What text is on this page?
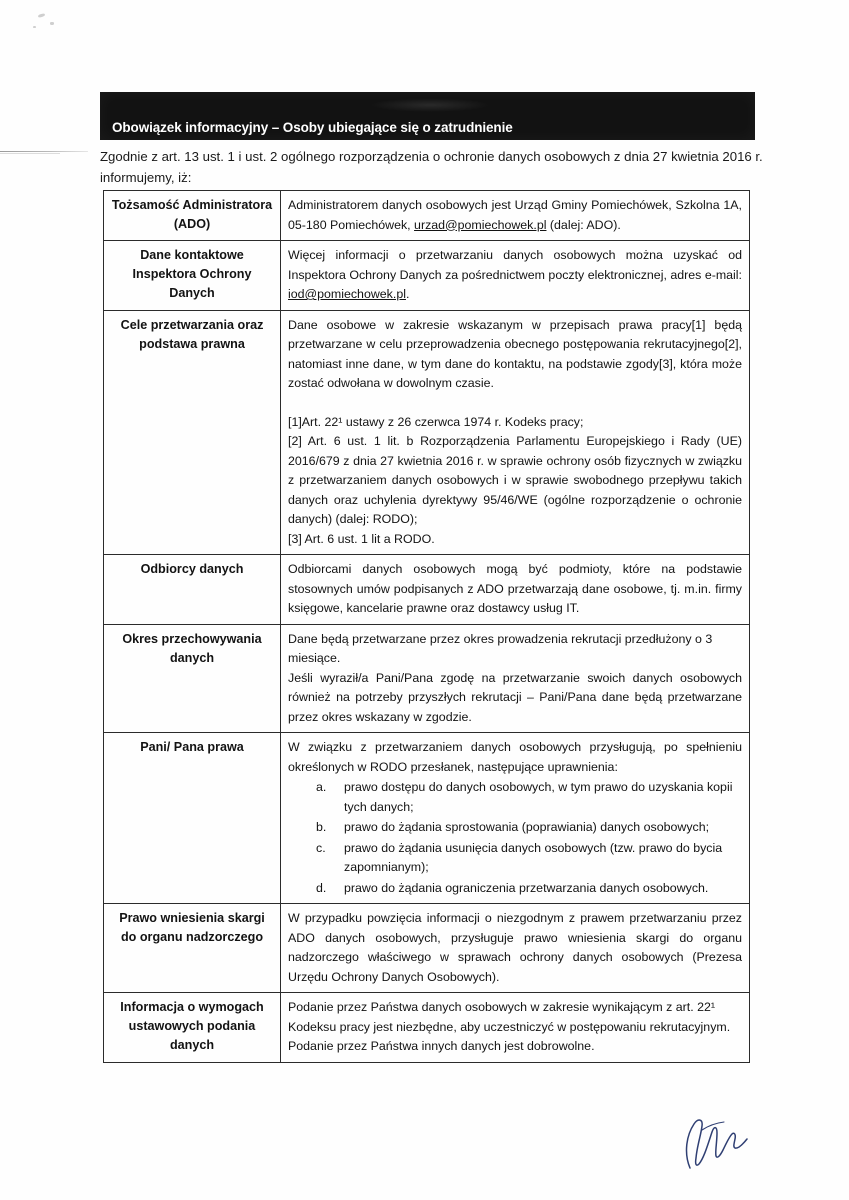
Obowiązek informacyjny – Osoby ubiegające się o zatrudnienie
Zgodnie z art. 13 ust. 1 i ust. 2 ogólnego rozporządzenia o ochronie danych osobowych z dnia 27 kwietnia 2016 r. informujemy, iż:
Tożsamość Administratora (ADO)	Administratorem danych osobowych jest Urząd Gminy Pomiechówek, Szkolna 1A, 05-180 Pomiechówek, urzad@pomiechowek.pl (dalej: ADO).

Dane kontaktowe Inspektora Ochrony Danych	Więcej informacji o przetwarzaniu danych osobowych można uzyskać od Inspektora Ochrony Danych za pośrednictwem poczty elektronicznej, adres e-mail: iod@pomiechowek.pl.

Cele przetwarzania oraz podstawa prawna	Dane osobowe w zakresie wskazanym w przepisach prawa pracy[1] będą przetwarzane w celu przeprowadzenia obecnego postępowania rekrutacyjnego[2], natomiast inne dane, w tym dane do kontaktu, na podstawie zgody[3], która może zostać odwołana w dowolnym czasie.

[1]Art. 22¹ ustawy z 26 czerwca 1974 r. Kodeks pracy;

[2] Art. 6 ust. 1 lit. b Rozporządzenia Parlamentu Europejskiego i Rady (UE) 2016/679 z dnia 27 kwietnia 2016 r. w sprawie ochrony osób fizycznych w związku z przetwarzaniem danych osobowych i w sprawie swobodnego przepływu takich danych oraz uchylenia dyrektywy 95/46/WE (ogólne rozporządzenie o ochronie danych) (dalej: RODO);

[3] Art. 6 ust. 1 lit a RODO.

Odbiorcy danych	Odbiorcami danych osobowych mogą być podmioty, które na podstawie stosownych umów podpisanych z ADO przetwarzają dane osobowe, tj. m.in. firmy księgowe, kancelarie prawne oraz dostawcy usług IT.

Okres przechowywania danych	Dane będą przetwarzane przez okres prowadzenia rekrutacji przedłużony o 3 miesiące.

Jeśli wyraził/a Pani/Pana zgodę na przetwarzanie swoich danych osobowych również na potrzeby przyszłych rekrutacji – Pani/Pana dane będą przetwarzane przez okres wskazany w zgodzie.

Pani/ Pana prawa	W związku z przetwarzaniem danych osobowych przysługują, po spełnieniu określonych w RODO przesłanek, następujące uprawnienia:

a. prawo dostępu do danych osobowych, w tym prawo do uzyskania kopii tych danych;
b. prawo do żądania sprostowania (poprawiania) danych osobowych;
c. prawo do żądania usunięcia danych osobowych (tzw. prawo do bycia zapomnianym);
d. prawo do żądania ograniczenia przetwarzania danych osobowych.

Prawo wniesienia skargi do organu nadzorczego	W przypadku powzięcia informacji o niezgodnym z prawem przetwarzaniu przez ADO danych osobowych, przysługuje prawo wniesienia skargi do organu nadzorczego właściwego w sprawach ochrony danych osobowych (Prezesa Urzędu Ochrony Danych Osobowych).

Informacja o wymogach ustawowych podania danych	Podanie przez Państwa danych osobowych w zakresie wynikającym z art. 22¹ Kodeksu pracy jest niezbędne, aby uczestniczyć w postępowaniu rekrutacyjnym. Podanie przez Państwa innych danych jest dobrowolne.
